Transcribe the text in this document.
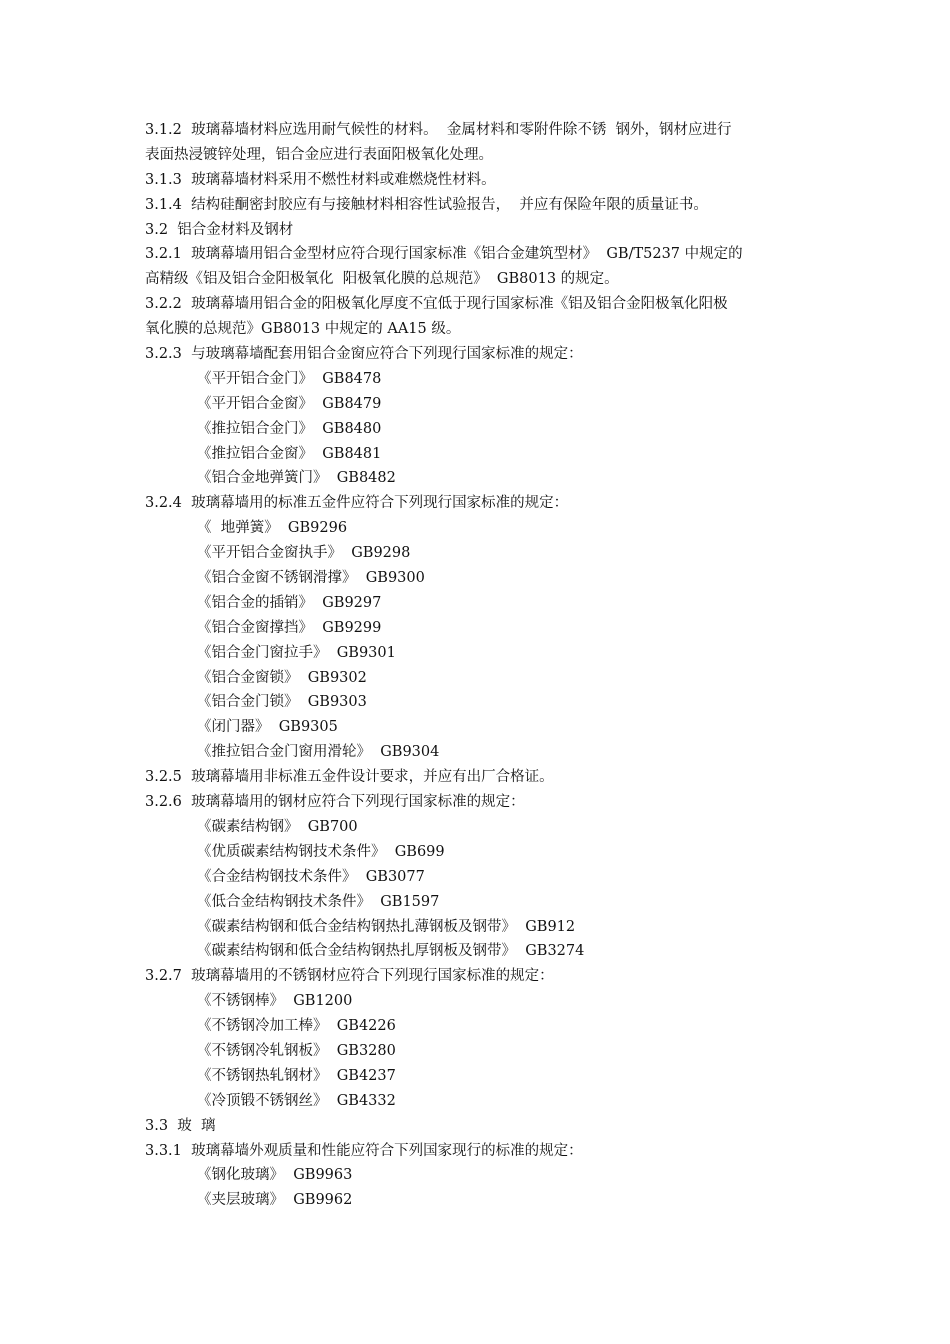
3.1.2  玻璃幕墙材料应选用耐气候性的材料。  金属材料和零附件除不锈  钢外，钢材应进行
表面热浸镀锌处理，铝合金应进行表面阳极氧化处理。
3.1.3  玻璃幕墙材料采用不燃性材料或难燃烧性材料。
3.1.4  结构硅酮密封胶应有与接触材料相容性试验报告，  并应有保险年限的质量证书。
3.2  铝合金材料及钢材
3.2.1  玻璃幕墙用铝合金型材应符合现行国家标准《铝合金建筑型材》  GB/T5237 中规定的
高精级《铝及铝合金阳极氧化  阳极氧化膜的总规范》  GB8013 的规定。
3.2.2  玻璃幕墙用铝合金的阳极氧化厚度不宜低于现行国家标准《铝及铝合金阳极氧化阳极
氧化膜的总规范》GB8013 中规定的 AA15 级。
3.2.3  与玻璃幕墙配套用铝合金窗应符合下列现行国家标准的规定：
《平开铝合金门》  GB8478
《平开铝合金窗》  GB8479
《推拉铝合金门》  GB8480
《推拉铝合金窗》  GB8481
《铝合金地弹簧门》  GB8482
3.2.4  玻璃幕墙用的标准五金件应符合下列现行国家标准的规定：
《  地弹簧》  GB9296
《平开铝合金窗执手》  GB9298
《铝合金窗不锈钢滑撑》  GB9300
《铝合金的插销》  GB9297
《铝合金窗撑挡》  GB9299
《铝合金门窗拉手》  GB9301
《铝合金窗锁》  GB9302
《铝合金门锁》  GB9303
《闭门器》  GB9305
《推拉铝合金门窗用滑轮》  GB9304
3.2.5  玻璃幕墙用非标准五金件设计要求，并应有出厂合格证。
3.2.6  玻璃幕墙用的钢材应符合下列现行国家标准的规定：
《碳素结构钢》  GB700
《优质碳素结构钢技术条件》  GB699
《合金结构钢技术条件》  GB3077
《低合金结构钢技术条件》  GB1597
《碳素结构钢和低合金结构钢热扎薄钢板及钢带》  GB912
《碳素结构钢和低合金结构钢热扎厚钢板及钢带》  GB3274
3.2.7  玻璃幕墙用的不锈钢材应符合下列现行国家标准的规定：
《不锈钢棒》  GB1200
《不锈钢冷加工棒》  GB4226
《不锈钢冷轧钢板》  GB3280
《不锈钢热轧钢材》  GB4237
《冷顶锻不锈钢丝》  GB4332
3.3  玻  璃
3.3.1  玻璃幕墙外观质量和性能应符合下列国家现行的标准的规定：
《钢化玻璃》  GB9963
《夹层玻璃》  GB9962
